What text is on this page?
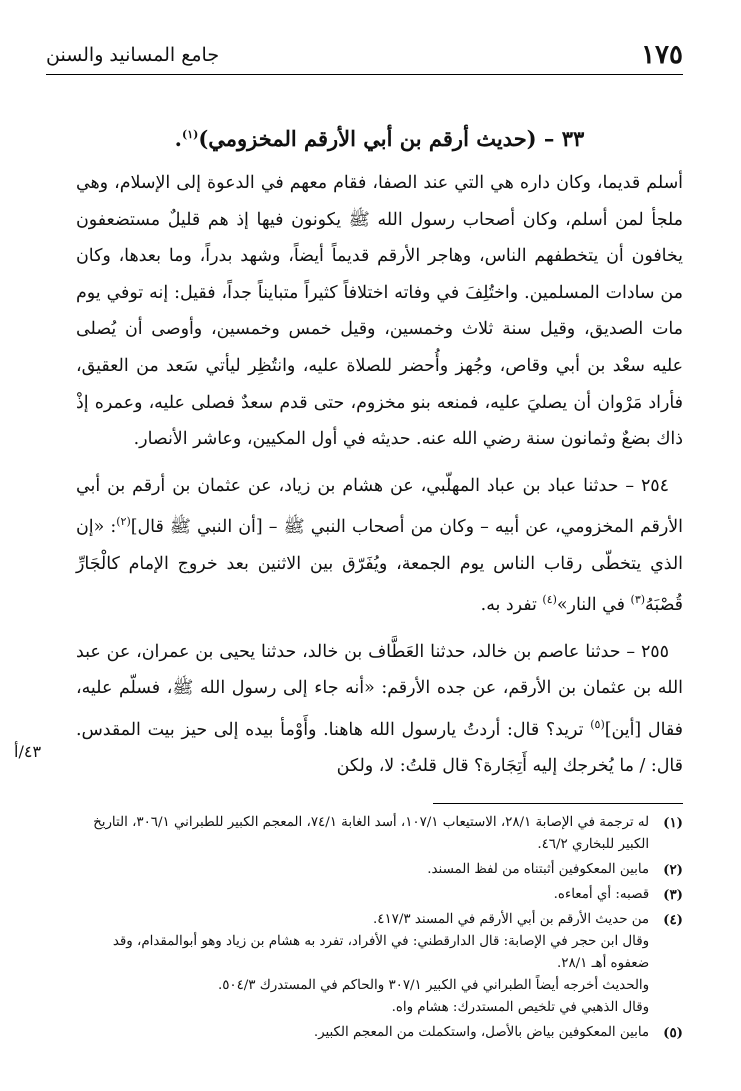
١٧٥
جامع المسانيد والسنن
٣٣ – (حديث أرقم بن أبي الأرقم المخزومي)$^{(١)}$.

أسلم قديما، وكان داره هي التي عند الصفا، فقام معهم في الدعوة إلى الإسلام، وهي ملجأ لمن أسلم، وكان أصحاب رسول الله ﷺ يكونون فيها إذ هم قليلٌ مستضعفون يخافون أن يتخطفهم الناس، وهاجر الأرقم قديماً أيضاً، وشهد بدراً، وما بعدها، وكان من سادات المسلمين. واختُلِفَ في وفاته اختلافاً كثيراً متبايناً جداً، فقيل: إنه توفي يوم مات الصديق، وقيل سنة ثلاث وخمسين، وقيل خمس وخمسين، وأوصى أن يُصلى عليه سعْد بن أبي وقاص، وجُهز وأُحضر للصلاة عليه، وانتُظِر ليأتي سَعد من العقيق، فأراد مَرْوان أن يصليَ عليه، فمنعه بنو مخزوم، حتى قدم سعدٌ فصلى عليه، وعمره إذْ ذاك بضعٌ وثمانون سنة رضي الله عنه. حديثه في أول المكيين، وعاشر الأنصار.

٢٥٤ – حدثنا عباد بن عباد المهلّبي، عن هشام بن زياد، عن عثمان بن أرقم بن أبي الأرقم المخزومي، عن أبيه – وكان من أصحاب النبي ﷺ – [أن النبي ﷺ قال]$^{(٢)}$: «إن الذي يتخطّى رقاب الناس يوم الجمعة، ويُفَرّق بين الاثنين بعد خروج الإمام كالْجَارِّ قُصْبَهُ$^{(٣)}$ في النار»$^{(٤)}$ تفرد به.

٢٥٥ – حدثنا عاصم بن خالد، حدثنا العَطَّاف بن خالد، حدثنا يحيى بن عمران، عن عبد الله بن عثمان بن الأرقم، عن جده الأرقم: «أنه جاء إلى رسول الله ﷺ، فسلّم عليه، فقال [أين]$^{(٥)}$ تريد؟ قال: أردتُ يارسول الله هاهنا. وأَوْمأ بيده إلى حيز بيت المقدس. قال: / ما يُخرجك إليه أَتِجَارة؟ قال قلتُ: لا، ولكن

٤٣/أ
(١)
له ترجمة في الإصابة ٢٨/١، الاستيعاب ١٠٧/١، أسد الغابة ٧٤/١، المعجم الكبير للطبراني ٣٠٦/١، التاريخ الكبير للبخاري ٤٦/٢.
(٢)
مابين المعكوفين أثبتناه من لفظ المسند.
(٣)
قصبه: أي أمعاءه.
(٤)
من حديث الأرقم بن أبي الأرقم في المسند ٤١٧/٣.
وقال ابن حجر في الإصابة: قال الدارقطني: في الأفراد، تفرد به هشام بن زياد وهو أبوالمقدام، وقد ضعفوه أهـ ٢٨/١.
والحديث أخرجه أيضاً الطبراني في الكبير ٣٠٧/١ والحاكم في المستدرك ٥٠٤/٣.
وقال الذهبي في تلخيص المستدرك: هشام واه.
(٥)
مابين المعكوفين بياض بالأصل، واستكملت من المعجم الكبير.
